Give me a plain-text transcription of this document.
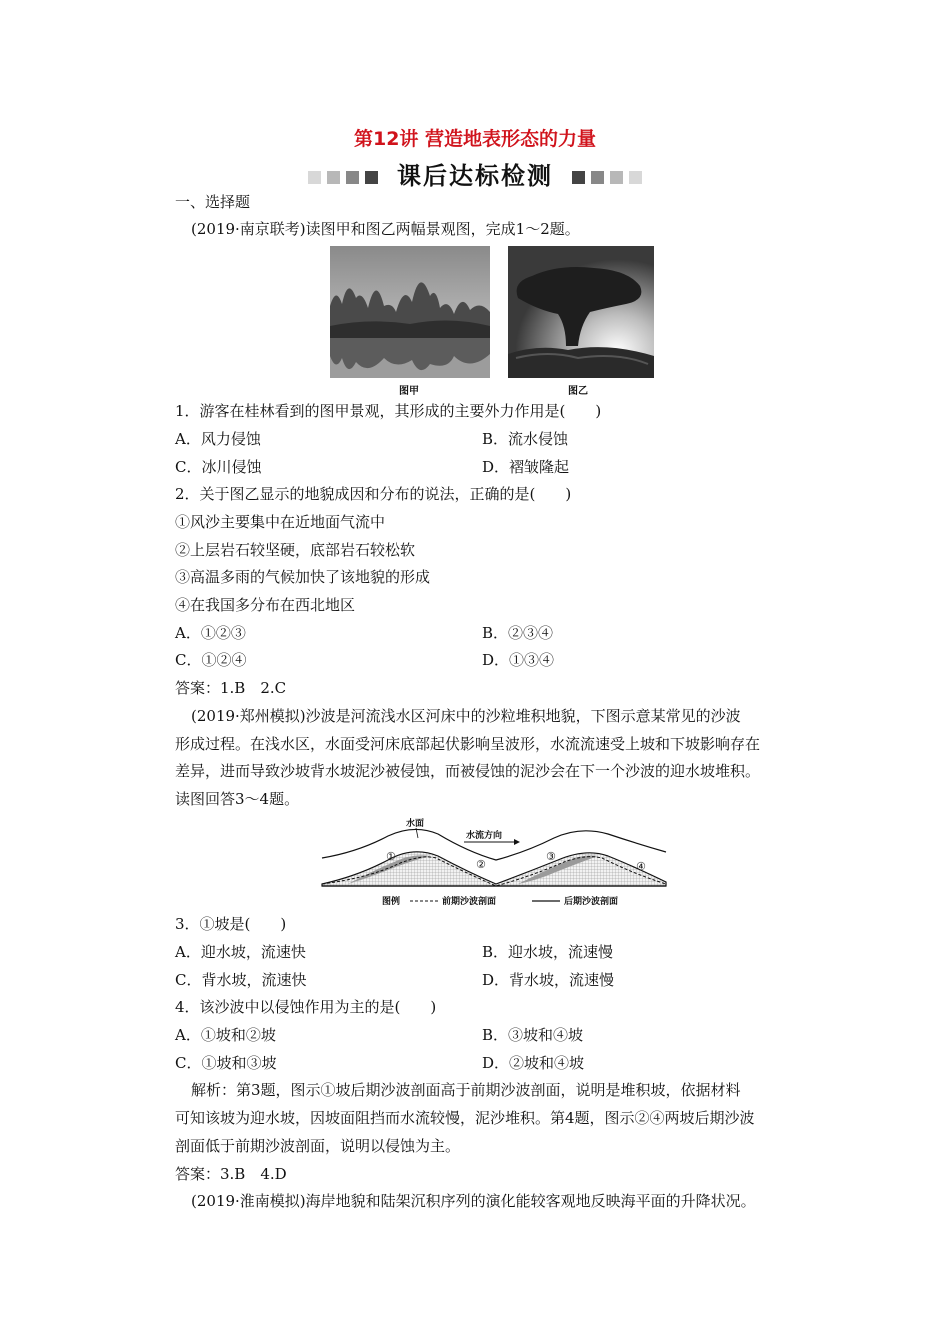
第12讲 营造地表形态的力量
课后达标检测
一、选择题
(2019·南京联考)读图甲和图乙两幅景观图，完成1～2题。
图甲	图乙
1．游客在桂林看到的图甲景观，其形成的主要外力作用是(　　)
A．风力侵蚀	B．流水侵蚀
C．冰川侵蚀	D．褶皱隆起
2．关于图乙显示的地貌成因和分布的说法，正确的是(　　)
①风沙主要集中在近地面气流中
②上层岩石较坚硬，底部岩石较松软
③高温多雨的气候加快了该地貌的形成
④在我国多分布在西北地区
A．①②③	B．②③④
C．①②④	D．①③④
答案：1.B　2.C
(2019·郑州模拟)沙波是河流浅水区河床中的沙粒堆积地貌，下图示意某常见的沙波
形成过程。在浅水区，水面受河床底部起伏影响呈波形，水流流速受上坡和下坡影响存在
差异，进而导致沙坡背水坡泥沙被侵蚀，而被侵蚀的泥沙会在下一个沙波的迎水坡堆积。
读图回答3～4题。
水面
水流方向
①
②
③
④
图例	前期沙波剖面	后期沙波剖面
3．①坡是(　　)
A．迎水坡，流速快	B．迎水坡，流速慢
C．背水坡，流速快	D．背水坡，流速慢
4．该沙波中以侵蚀作用为主的是(　　)
A．①坡和②坡	B．③坡和④坡
C．①坡和③坡	D．②坡和④坡
解析：第3题，图示①坡后期沙波剖面高于前期沙波剖面，说明是堆积坡，依据材料
可知该坡为迎水坡，因坡面阻挡而水流较慢，泥沙堆积。第4题，图示②④两坡后期沙波
剖面低于前期沙波剖面，说明以侵蚀为主。
答案：3.B　4.D
(2019·淮南模拟)海岸地貌和陆架沉积序列的演化能较客观地反映海平面的升降状况。
